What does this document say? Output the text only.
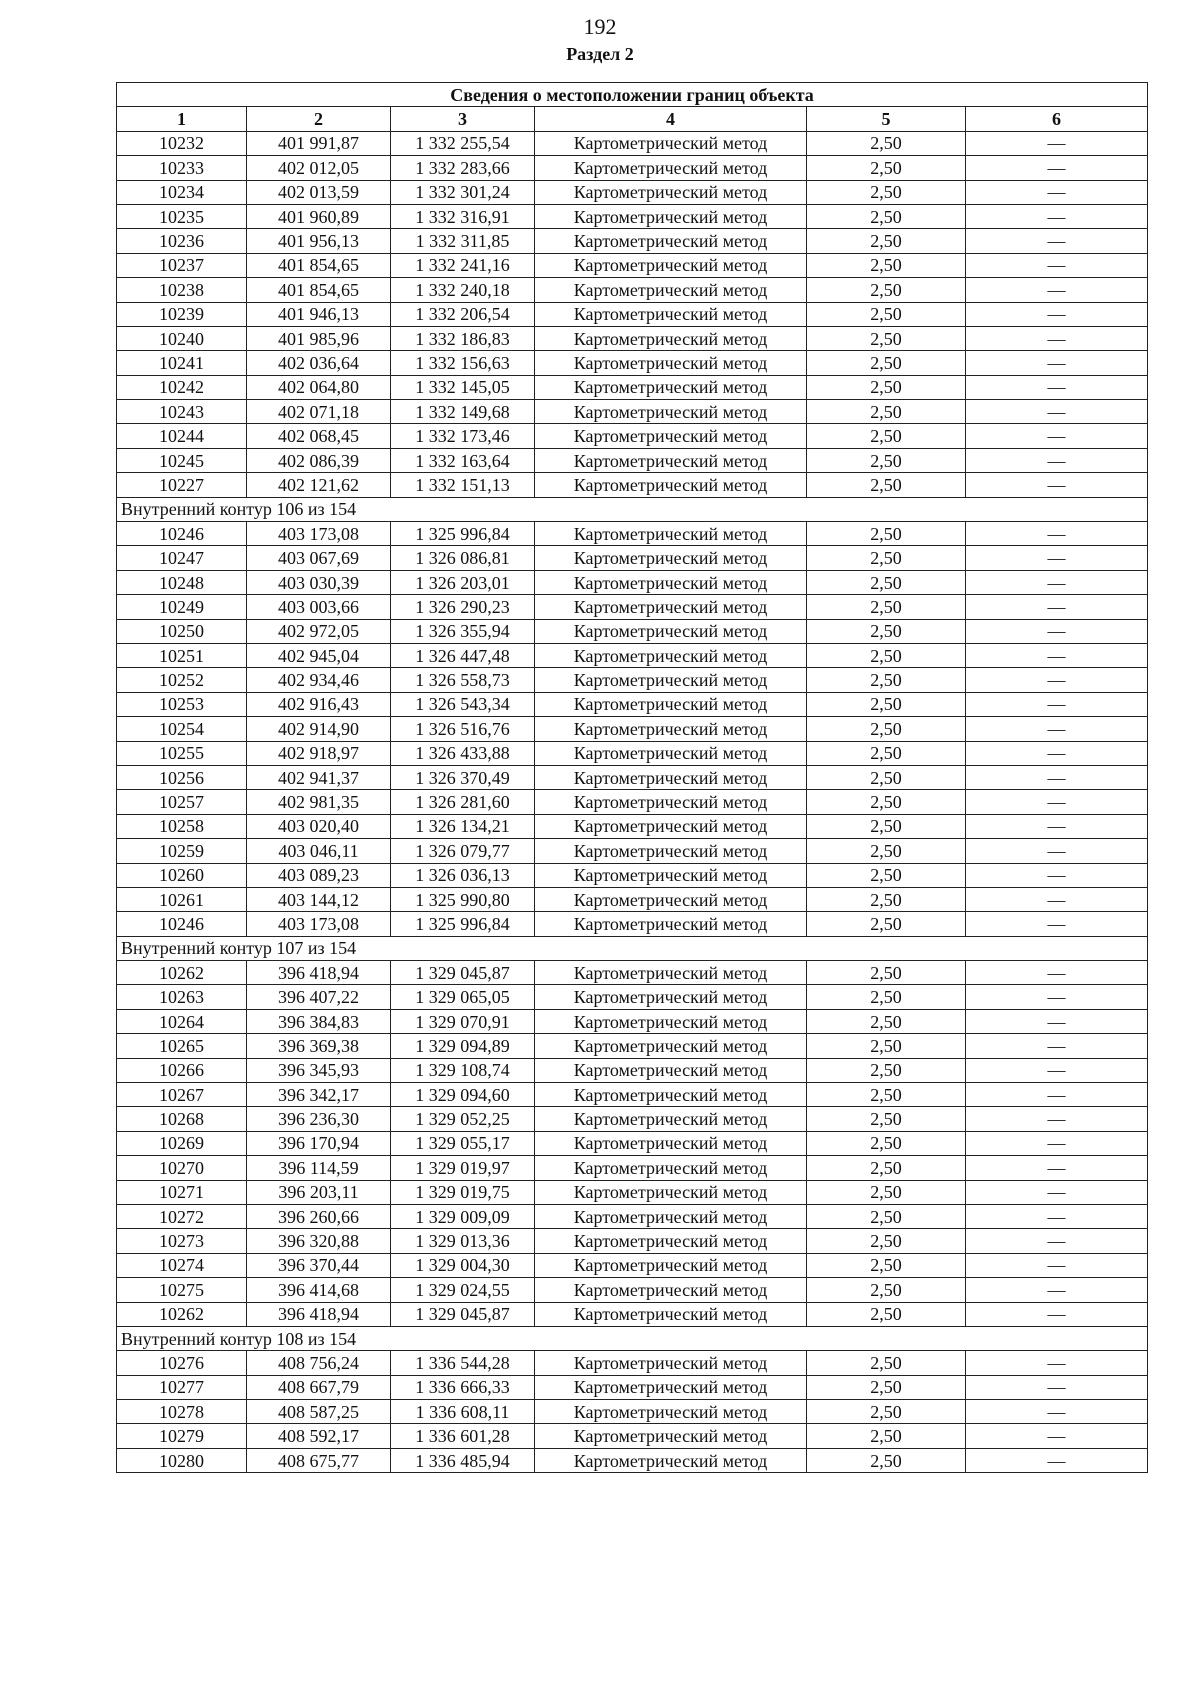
192
Раздел 2
Сведения о местоположении границ объекта					
1	2	3	4	5	6
10232	401 991,87	1 332 255,54	Картометрический метод	2,50	—
10233	402 012,05	1 332 283,66	Картометрический метод	2,50	—
10234	402 013,59	1 332 301,24	Картометрический метод	2,50	—
10235	401 960,89	1 332 316,91	Картометрический метод	2,50	—
10236	401 956,13	1 332 311,85	Картометрический метод	2,50	—
10237	401 854,65	1 332 241,16	Картометрический метод	2,50	—
10238	401 854,65	1 332 240,18	Картометрический метод	2,50	—
10239	401 946,13	1 332 206,54	Картометрический метод	2,50	—
10240	401 985,96	1 332 186,83	Картометрический метод	2,50	—
10241	402 036,64	1 332 156,63	Картометрический метод	2,50	—
10242	402 064,80	1 332 145,05	Картометрический метод	2,50	—
10243	402 071,18	1 332 149,68	Картометрический метод	2,50	—
10244	402 068,45	1 332 173,46	Картометрический метод	2,50	—
10245	402 086,39	1 332 163,64	Картометрический метод	2,50	—
10227	402 121,62	1 332 151,13	Картометрический метод	2,50	—
Внутренний контур 106 из 154					
10246	403 173,08	1 325 996,84	Картометрический метод	2,50	—
10247	403 067,69	1 326 086,81	Картометрический метод	2,50	—
10248	403 030,39	1 326 203,01	Картометрический метод	2,50	—
10249	403 003,66	1 326 290,23	Картометрический метод	2,50	—
10250	402 972,05	1 326 355,94	Картометрический метод	2,50	—
10251	402 945,04	1 326 447,48	Картометрический метод	2,50	—
10252	402 934,46	1 326 558,73	Картометрический метод	2,50	—
10253	402 916,43	1 326 543,34	Картометрический метод	2,50	—
10254	402 914,90	1 326 516,76	Картометрический метод	2,50	—
10255	402 918,97	1 326 433,88	Картометрический метод	2,50	—
10256	402 941,37	1 326 370,49	Картометрический метод	2,50	—
10257	402 981,35	1 326 281,60	Картометрический метод	2,50	—
10258	403 020,40	1 326 134,21	Картометрический метод	2,50	—
10259	403 046,11	1 326 079,77	Картометрический метод	2,50	—
10260	403 089,23	1 326 036,13	Картометрический метод	2,50	—
10261	403 144,12	1 325 990,80	Картометрический метод	2,50	—
10246	403 173,08	1 325 996,84	Картометрический метод	2,50	—
Внутренний контур 107 из 154					
10262	396 418,94	1 329 045,87	Картометрический метод	2,50	—
10263	396 407,22	1 329 065,05	Картометрический метод	2,50	—
10264	396 384,83	1 329 070,91	Картометрический метод	2,50	—
10265	396 369,38	1 329 094,89	Картометрический метод	2,50	—
10266	396 345,93	1 329 108,74	Картометрический метод	2,50	—
10267	396 342,17	1 329 094,60	Картометрический метод	2,50	—
10268	396 236,30	1 329 052,25	Картометрический метод	2,50	—
10269	396 170,94	1 329 055,17	Картометрический метод	2,50	—
10270	396 114,59	1 329 019,97	Картометрический метод	2,50	—
10271	396 203,11	1 329 019,75	Картометрический метод	2,50	—
10272	396 260,66	1 329 009,09	Картометрический метод	2,50	—
10273	396 320,88	1 329 013,36	Картометрический метод	2,50	—
10274	396 370,44	1 329 004,30	Картометрический метод	2,50	—
10275	396 414,68	1 329 024,55	Картометрический метод	2,50	—
10262	396 418,94	1 329 045,87	Картометрический метод	2,50	—
Внутренний контур 108 из 154					
10276	408 756,24	1 336 544,28	Картометрический метод	2,50	—
10277	408 667,79	1 336 666,33	Картометрический метод	2,50	—
10278	408 587,25	1 336 608,11	Картометрический метод	2,50	—
10279	408 592,17	1 336 601,28	Картометрический метод	2,50	—
10280	408 675,77	1 336 485,94	Картометрический метод	2,50	—
